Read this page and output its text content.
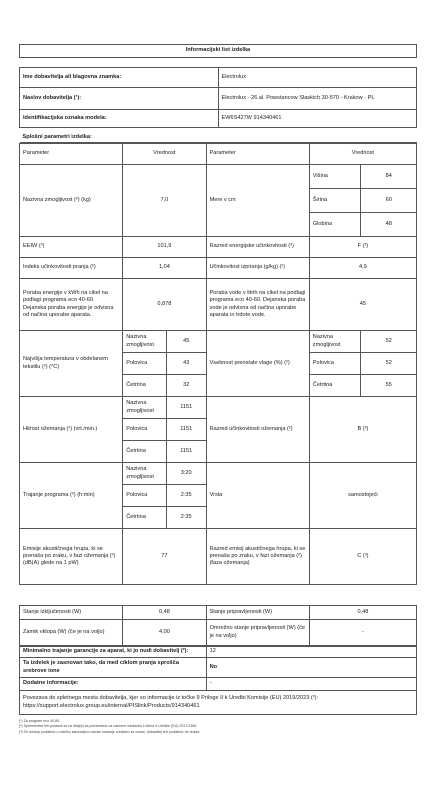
Informacijski list izdelka	

Ime dobavitelja ali blagovna znamka:	Electrolux
Naslov dobavitelja (¹):	Electrolux - 26 al. Powstancow Slaskich 30-570 - Krakow - PL
Identifikacijska oznaka modela:	EW6S427W 914340461
Splošni parametri izdelka:	
Parameter	Vrednost		Parameter	Vrednost	
Nazivna zmogljivost (²) (kg)	7,0		Mere v cm	Višina	84
				Širina	60
				Globina	48
EEIW (²)	101,9		Razred energijske učinkovitosti (²)	F (³)	
Indeks učinkovitosti pranja (²)	1,04		Učinkovitost izpiranja (g/kg) (²)	4,9	
Poraba energije v kWh na cikel na podlagi programa eco 40-60. Dejanska poraba energije je odvisna od načina uporabe aparata.	0,878		Poraba vode v litrih na cikel na podlagi programa eco 40-60. Dejanska poraba vode je odvisna od načina uporabe aparata in trdote vode.	45	
Najvišja temperatura v obdelanem tekstilu (²) (°C)	Nazivna zmogljivost	45	Vsebnost preostale vlage (%) (²)	Nazivna zmogljivost	52
	Polovica	43		Polovica	52
	Četrtina	32		Četrtina	55
Hitrost ožemanja (²) (vrt./min.)	Nazivna zmogljivost	1151	Razred učinkovitosti ožemanja (²)	B (³)	
	Polovica	1151			
	Četrtina	1151			
Trajanje programa (²) (h:min)	Nazivna zmogljivost	3:20	Vrsta	samostojeći	
	Polovica	2:35			
	Četrtina	2:35			
Emisije akustičnega hrupa, ki se prenaša po zraku, v fazi ožemanja (²) (dB(A) glede na 1 pW)	77		Razred emisij akustičnega hrupa, ki se prenaša po zraku, v fazi ožemanja (²) (faza ožemanja)	C (³)	
Stanje izključenosti (W)	0,48	Stanje pripravljenosti (W)	0,48
Zamik vklopa (W) (če je na voljo)	4,00	Omrežno stanje pripravljenosti (W) (če je na voljo)	-
Minimalno trajanje garancije za aparat, ki jo nudi dobavitelj (²):	12
Ta izdelek je zasnovan tako, da med ciklom pranja sprošča srebrove ione	No
Dodatne informacije:	-
Povezava do spletnega mesta dobavitelja, kjer so informacije iz točke 9 Priloge II k Uredbi Komisije (EU) 2019/2023 (²): https://support.electrolux.group.eu/internal/PISlink/Products/914340461	
(¹) Za program eco 40-60.
(²) Spremembe teh postavk se ne štejejo za pomembne za namene odstavka 4 člena 4 Uredbe (EU) 2017/1369.
(³) Če dostop podatkov o izdelku samodejno ustvari notranje sredstvo za vnose, dobavitelj teh podatkov ne vnaša.
